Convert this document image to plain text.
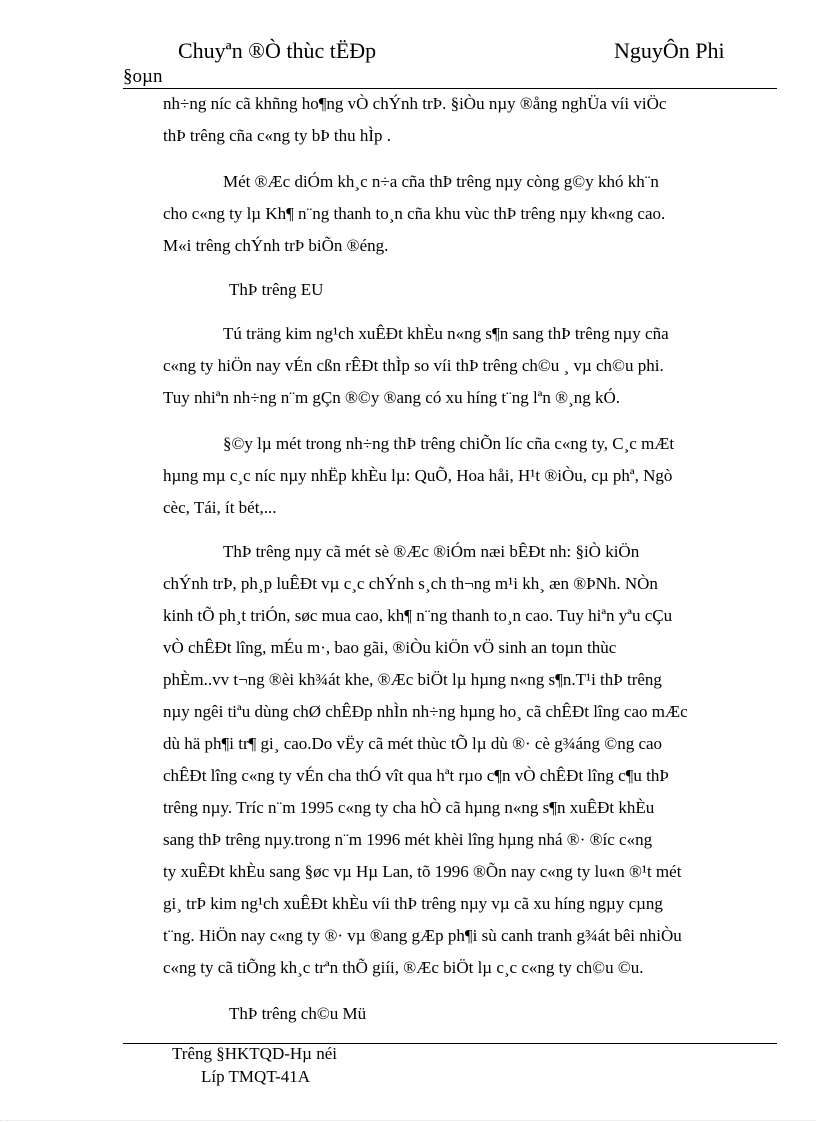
Chuyªn ®Ò thùc tËÐp	NguyÔn Phi
§oµn
nh÷ng níc cã khñng ho¶ng vÒ chÝnh trÞ. §iÒu nµy ®ång nghÜa víi viÖc
thÞ trêng cña c«ng ty bÞ thu hÌp .
Mét ®Æc diÓm kh¸c n÷a cña thÞ trêng nµy còng g©y khó kh¨n
cho c«ng ty lµ Kh¶ n¨ng thanh to¸n cña khu vùc thÞ trêng nµy kh«ng cao.
M«i trêng chÝnh trÞ biÕn ®éng.
ThÞ trêng EU
Tú träng kim ng¹ch xuÊÐt khÈu n«ng s¶n sang thÞ trêng nµy cña
c«ng ty hiÖn nay vÉn cßn rÊÐt thÌp so víi thÞ trêng ch©u ¸ vµ ch©u phi.
Tuy nhiªn nh÷ng n¨m gÇn ®©y ®ang có xu híng t¨ng lªn ®¸ng kÓ.
§©y lµ mét trong nh÷ng thÞ trêng chiÕn líc cña c«ng ty, C¸c mÆt
hµng mµ c¸c níc nµy nhËp khÈu lµ: QuÕ, Hoa håi, H¹t ®iÒu, cµ phª, Ngò
cèc, Tái, ít bét,...
ThÞ trêng nµy cã mét sè ®Æc ®iÓm næi bÊÐt nh: §iÒ kiÖn
chÝnh trÞ, ph¸p luÊÐt vµ c¸c chÝnh s¸ch th¬ng m¹i kh¸ æn ®ÞNh. NÒn
kinh tÕ ph¸t triÓn, søc mua cao, kh¶ n¨ng thanh to¸n cao. Tuy hiªn yªu cÇu
vÒ chÊÐt lîng, mÉu m·, bao gãi, ®iÒu kiÖn vÖ sinh an toµn thùc
phÈm..vv t¬ng ®èi kh¾át khe, ®Æc biÖt lµ hµng n«ng s¶n.T¹i thÞ trêng
nµy ngêi tiªu dùng chØ chÊÐp nhÌn nh÷ng hµng ho¸ cã chÊÐt lîng cao mÆc
dù hä ph¶i tr¶ gi¸ cao.Do vËy cã mét thùc tÕ lµ dù ®· cè g¾áng ©ng cao
chÊÐt lîng c«ng ty vÉn cha thÓ vît qua hªt rµo c¶n vÒ chÊÐt lîng c¶u thÞ
trêng nµy. Tríc n¨m 1995 c«ng ty cha hÒ cã hµng n«ng s¶n xuÊÐt khÈu
sang thÞ trêng nµy.trong n¨m 1996 mét khèi lîng hµng nhá ®· ®íc c«ng
ty xuÊÐt khÈu sang §øc vµ Hµ Lan, tõ 1996 ®Õn nay c«ng ty lu«n ®¹t mét
gi¸ trÞ kim ng¹ch xuÊÐt khÈu víi thÞ trêng nµy vµ cã xu híng ngµy cµng
t¨ng. HiÖn nay c«ng ty ®· vµ ®ang gÆp ph¶i sù canh tranh g¾át bêi nhiÒu
c«ng ty cã tiÕng kh¸c trªn thÕ giíi, ®Æc biÖt lµ c¸c c«ng ty ch©u ©u.
ThÞ trêng ch©u Mü
Trêng §HKTQD-Hµ néi
Líp TMQT-41A
